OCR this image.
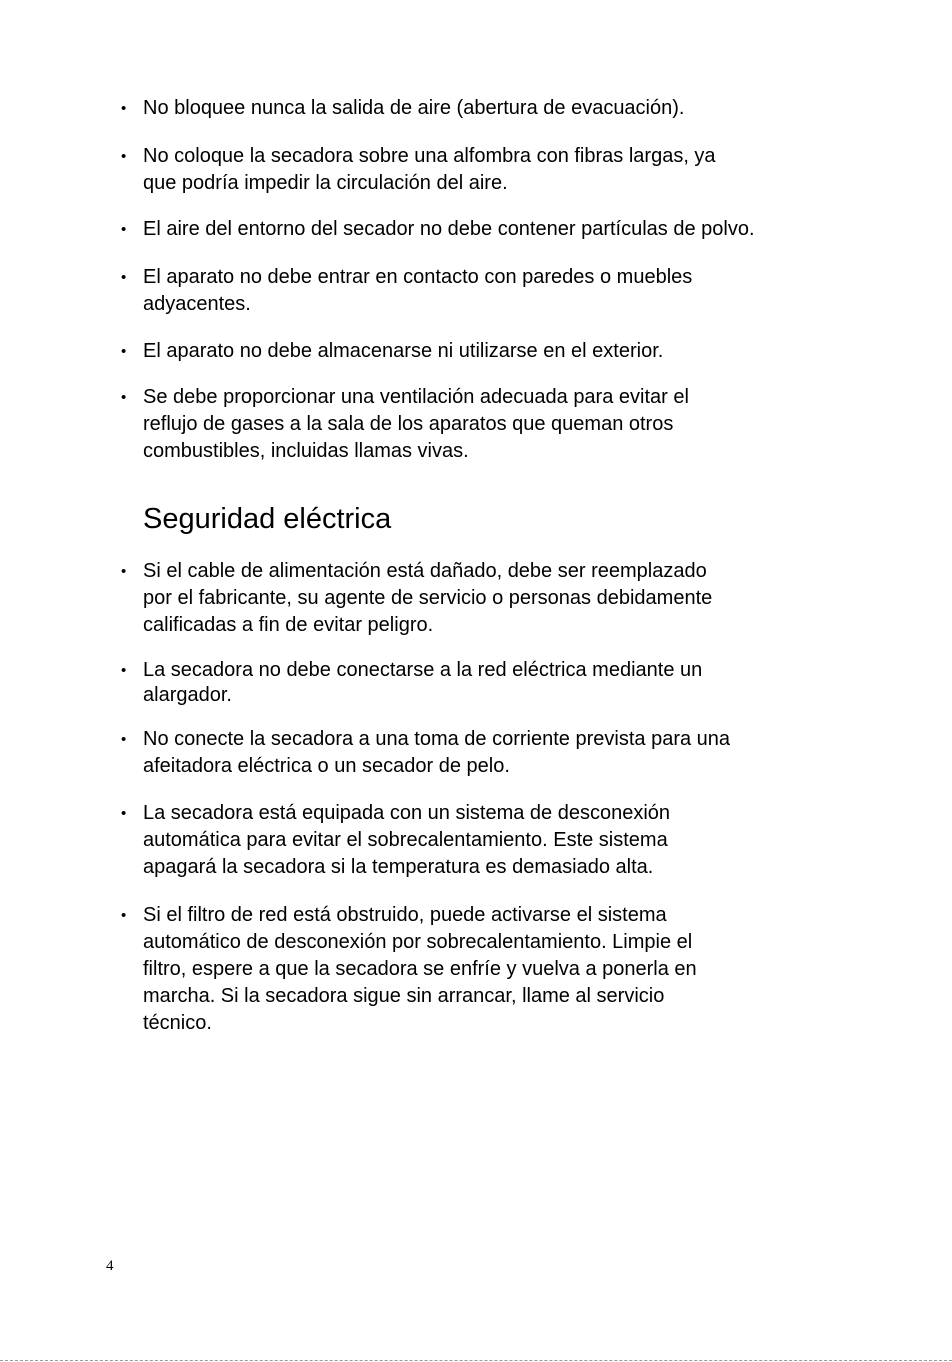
• No bloquee nunca la salida de aire (abertura de evacuación).
• No coloque la secadora sobre una alfombra con fibras largas, ya
que podría impedir la circulación del aire.
• El aire del entorno del secador no debe contener partículas de polvo.
• El aparato no debe entrar en contacto con paredes o muebles
adyacentes.
• El aparato no debe almacenarse ni utilizarse en el exterior.
• Se debe proporcionar una ventilación adecuada para evitar el
reflujo de gases a la sala de los aparatos que queman otros
combustibles, incluidas llamas vivas.
Seguridad eléctrica
• Si el cable de alimentación está dañado, debe ser reemplazado
por el fabricante, su agente de servicio o personas debidamente
calificadas a fin de evitar peligro.
• La secadora no debe conectarse a la red eléctrica mediante un
alargador.
• No conecte la secadora a una toma de corriente prevista para una
afeitadora eléctrica o un secador de pelo.
• La secadora está equipada con un sistema de desconexión
automática para evitar el sobrecalentamiento. Este sistema
apagará la secadora si la temperatura es demasiado alta.
• Si el filtro de red está obstruido, puede activarse el sistema
automático de desconexión por sobrecalentamiento. Limpie el
filtro, espere a que la secadora se enfríe y vuelva a ponerla en
marcha. Si la secadora sigue sin arrancar, llame al servicio
técnico.
4
